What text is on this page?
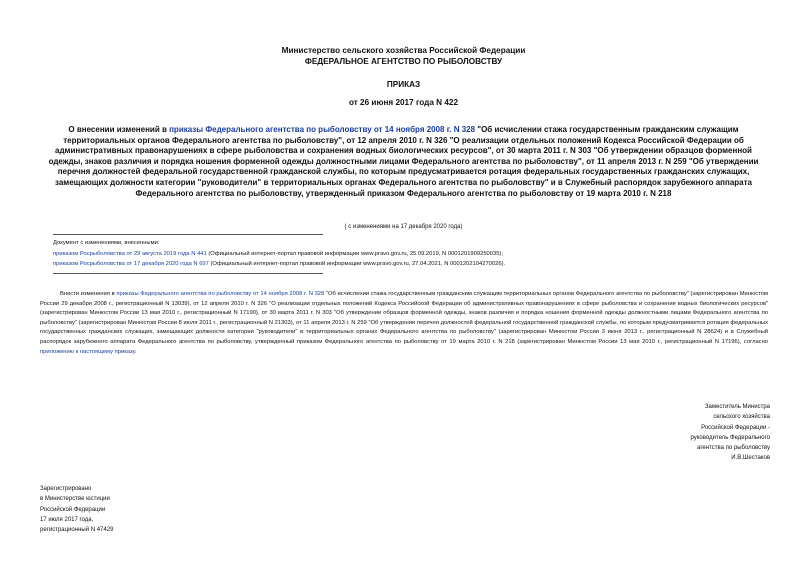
Министерство сельского хозяйства Российской Федерации
ФЕДЕРАЛЬНОЕ АГЕНТСТВО ПО РЫБОЛОВСТВУ
ПРИКАЗ
от 26 июня 2017 года N 422
О внесении изменений в приказы Федерального агентства по рыболовству от 14 ноября 2008 г. N 328 "Об исчислении стажа государственным гражданским служащим территориальных органов Федерального агентства по рыболовству", от 12 апреля 2010 г. N 326 "О реализации отдельных положений Кодекса Российской Федерации об административных правонарушениях в сфере рыболовства и сохранения водных биологических ресурсов", от 30 марта 2011 г. N 303 "Об утверждении образцов форменной одежды, знаков различия и порядка ношения форменной одежды должностными лицами Федерального агентства по рыболовству", от 11 апреля 2013 г. N 259 "Об утверждении перечня должностей федеральной государственной гражданской службы, по которым предусматривается ротация федеральных государственных гражданских служащих, замещающих должности категории "руководители" в территориальных органах Федерального агентства по рыболовству" и в Служебный распорядок зарубежного аппарата Федерального агентства по рыболовству, утвержденный приказом Федерального агентства по рыболовству от 19 марта 2010 г. N 218
( с изменениями на 17 декабря 2020 года)
Документ с изменениями, внесенными:
приказом Росрыболовства от 29 августа 2019 года N 441 (Официальный интернет-портал правовой информации www.pravo.gov.ru, 25.09.2019, N 0001201909250035);
приказом Росрыболовства от 17 декабря 2020 года N 697 (Официальный интернет-портал правовой информации www.pravo.gov.ru, 27.04.2021, N 0001202104270026).
Внести изменения в приказы Федерального агентства по рыболовству от 14 ноября 2008 г. N 328 "Об исчислении стажа государственным гражданским служащим территориальных органов Федерального агентства по рыболовству" (зарегистрирован Минюстом России 29 декабря 2008 г., регистрационный N 13039), от 12 апреля 2010 г. N 326 "О реализации отдельных положений Кодекса Российской Федерации об административных правонарушениях в сфере рыболовства и сохранения водных биологических ресурсов" (зарегистрирован Минюстом России 13 мая 2010 г., регистрационный N 17190), от 30 марта 2011 г. N 303 "Об утверждении образцов форменной одежды, знаков различия и порядка ношения форменной одежды должностными лицами Федерального агентства по рыболовству" (зарегистрирован Минюстом России 8 июля 2011 г., регистрационный N 21303), от 11 апреля 2013 г. N 259 "Об утверждении перечня должностей федеральной государственной гражданской службы, по которым предусматривается ротация федеральных государственных гражданских служащих, замещающих должности категории "руководители" в территориальных органах Федерального агентства по рыболовству" (зарегистрирован Минюстом России 3 июня 2013 г., регистрационный N 28624) и в Служебный распорядок зарубежного аппарата Федерального агентства по рыболовству, утвержденный приказом Федерального агентства по рыболовству от 19 марта 2010 г. N 218 (зарегистрирован Минюстом России 13 мая 2010 г., регистрационный N 17196), согласно приложению к настоящему приказу.
Заместитель Министра
сельского хозяйства
Российской Федерации -
руководитель Федерального
агентства по рыболовству
И.В.Шестаков
Зарегистрировано
в Министерстве юстиции
Российской Федерации
17 июля 2017 года,
регистрационный N 47429
